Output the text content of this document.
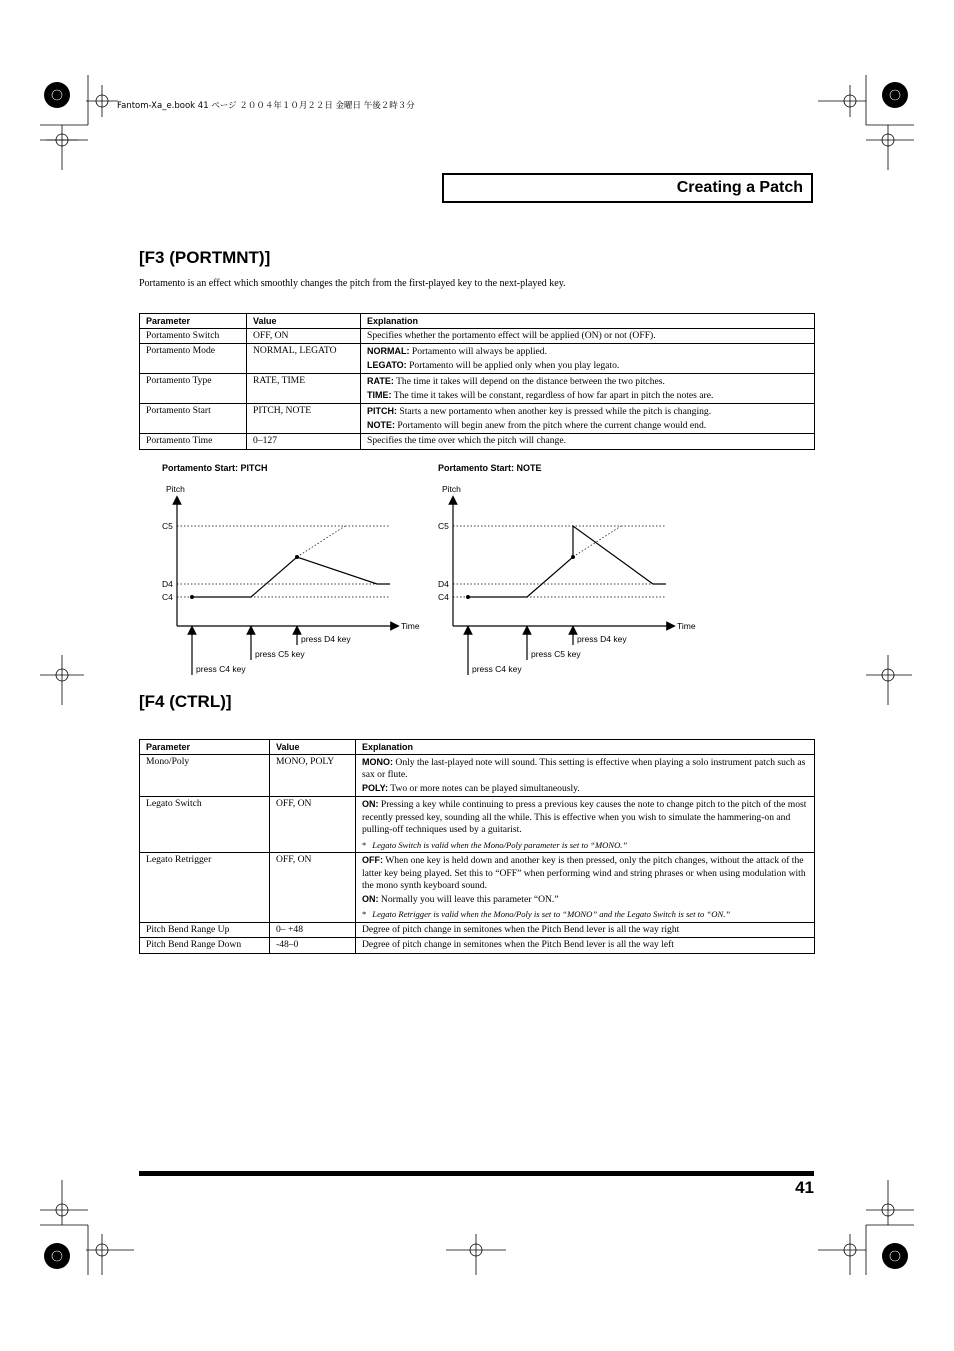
Fantom-Xa_e.book 41 ページ ２００４年１０月２２日 金曜日 午後２時３分
Creating a Patch
[F3 (PORTMNT)]
Portamento is an effect which smoothly changes the pitch from the first-played key to the next-played key.
Parameter	Value	Explanation
Portamento Switch	OFF, ON	Specifies whether the portamento effect will be applied (ON) or not (OFF).

Portamento Mode	NORMAL, LEGATO	NORMAL: Portamento will always be applied.
LEGATO: Portamento will be applied only when you play legato.

Portamento Type	RATE, TIME	RATE: The time it takes will depend on the distance between the two pitches.
TIME: The time it takes will be constant, regardless of how far apart in pitch the notes are.

Portamento Start	PITCH, NOTE	PITCH: Starts a new portamento when another key is pressed while the pitch is changing.
NOTE: Portamento will begin anew from the pitch where the current change would end.

Portamento Time	0–127	Specifies the time over which the pitch will change.
Portamento Start: PITCH
Pitch
Time
C5
D4
C4
press C4 key
press C5 key
press D4 key
Portamento Start: NOTE
Pitch
Time
C5
D4
C4
press C4 key
press C5 key
press D4 key
[F4 (CTRL)]
Parameter	Value	Explanation
Mono/Poly	MONO, POLY	MONO: Only the last-played note will sound. This setting is effective when playing a solo instrument patch such as sax or flute.
POLY: Two or more notes can be played simultaneously.

Legato Switch	OFF, ON	ON: Pressing a key while continuing to press a previous key causes the note to change pitch to the pitch of the most recently pressed key, sounding all the while. This is effective when you wish to simulate the hammering-on and pulling-off techniques used by a guitarist.
* Legato Switch is valid when the Mono/Poly parameter is set to “MONO.”

Legato Retrigger	OFF, ON	OFF: When one key is held down and another key is then pressed, only the pitch changes, without the attack of the latter key being played. Set this to “OFF” when performing wind and string phrases or when using modulation with the mono synth keyboard sound.
ON: Normally you will leave this parameter “ON.”
* Legato Retrigger is valid when the Mono/Poly is set to “MONO” and the Legato Switch is set to “ON.”

Pitch Bend Range Up	0– +48	Degree of pitch change in semitones when the Pitch Bend lever is all the way right

Pitch Bend Range Down	-48–0	Degree of pitch change in semitones when the Pitch Bend lever is all the way left
41
